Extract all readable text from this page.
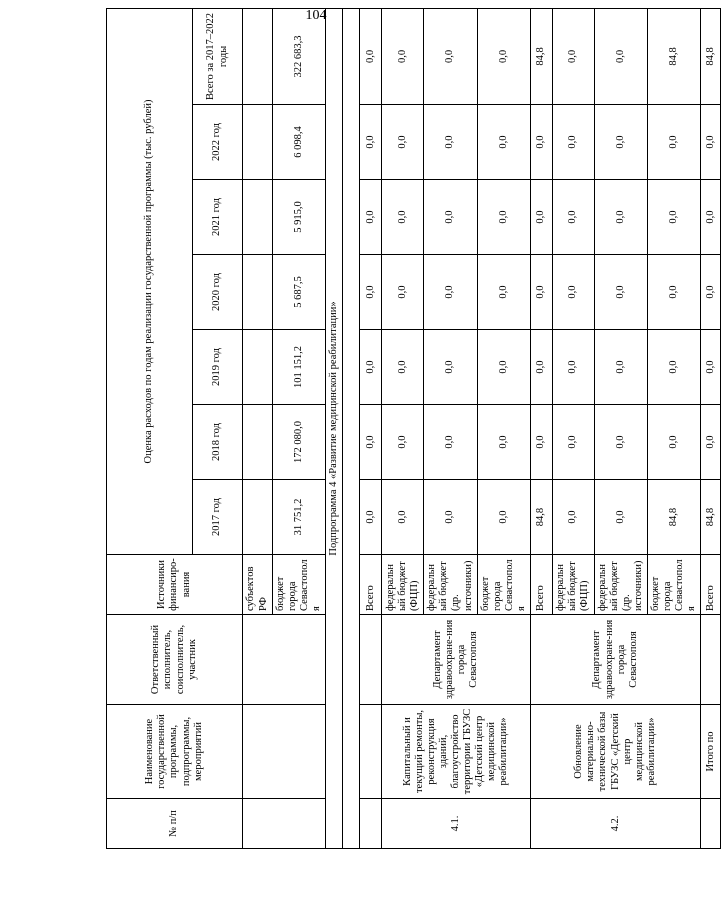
104
№ п/п	Наименование государственной программы, подпрограммы, мероприятий	Ответственный исполнитель, соисполнитель, участник	Источники финансиро-вания	Оценка расходов по годам реализации государственной программы (тыс. рублей)						
				2017 год	2018 год	2019 год	2020 год	2021 год	2022 год	Всего за 2017–2022 годы
			субъектов РФ							
			бюджет города Севастополя	31 751,2	172 080,0	101 151,2	5 687,5	5 915,0	6 098,4	322 683,3
Подпрограмма 4 «Развитие медицинской реабилитации»										

			Всего	0,0	0,0	0,0	0,0	0,0	0,0	0,0
4.1.	Капитальный и текущий ремонты, реконструкция зданий, благоустройство территории ГБУЗС «Детский центр медицинской реабилитации»	Департамент здравоохране-ния города Севастополя	федеральный бюджет (ФЦП)	0,0	0,0	0,0	0,0	0,0	0,0	0,0
			федеральный бюджет (др. источники)	0,0	0,0	0,0	0,0	0,0	0,0	0,0
			бюджет города Севастополя	0,0	0,0	0,0	0,0	0,0	0,0	0,0
4.2.	Обновление материально-технической базы ГБУЗС «Детский центр медицинской реабилитации»	Департамент здравоохране-ния города Севастополя	Всего	84,8	0,0	0,0	0,0	0,0	0,0	84,8
			федеральный бюджет (ФЦП)	0,0	0,0	0,0	0,0	0,0	0,0	0,0
			федеральный бюджет (др. источники)	0,0	0,0	0,0	0,0	0,0	0,0	0,0
			бюджет города Севастополя	84,8	0,0	0,0	0,0	0,0	0,0	84,8
	Итого по		Всего	84,8	0,0	0,0	0,0	0,0	0,0	84,8
